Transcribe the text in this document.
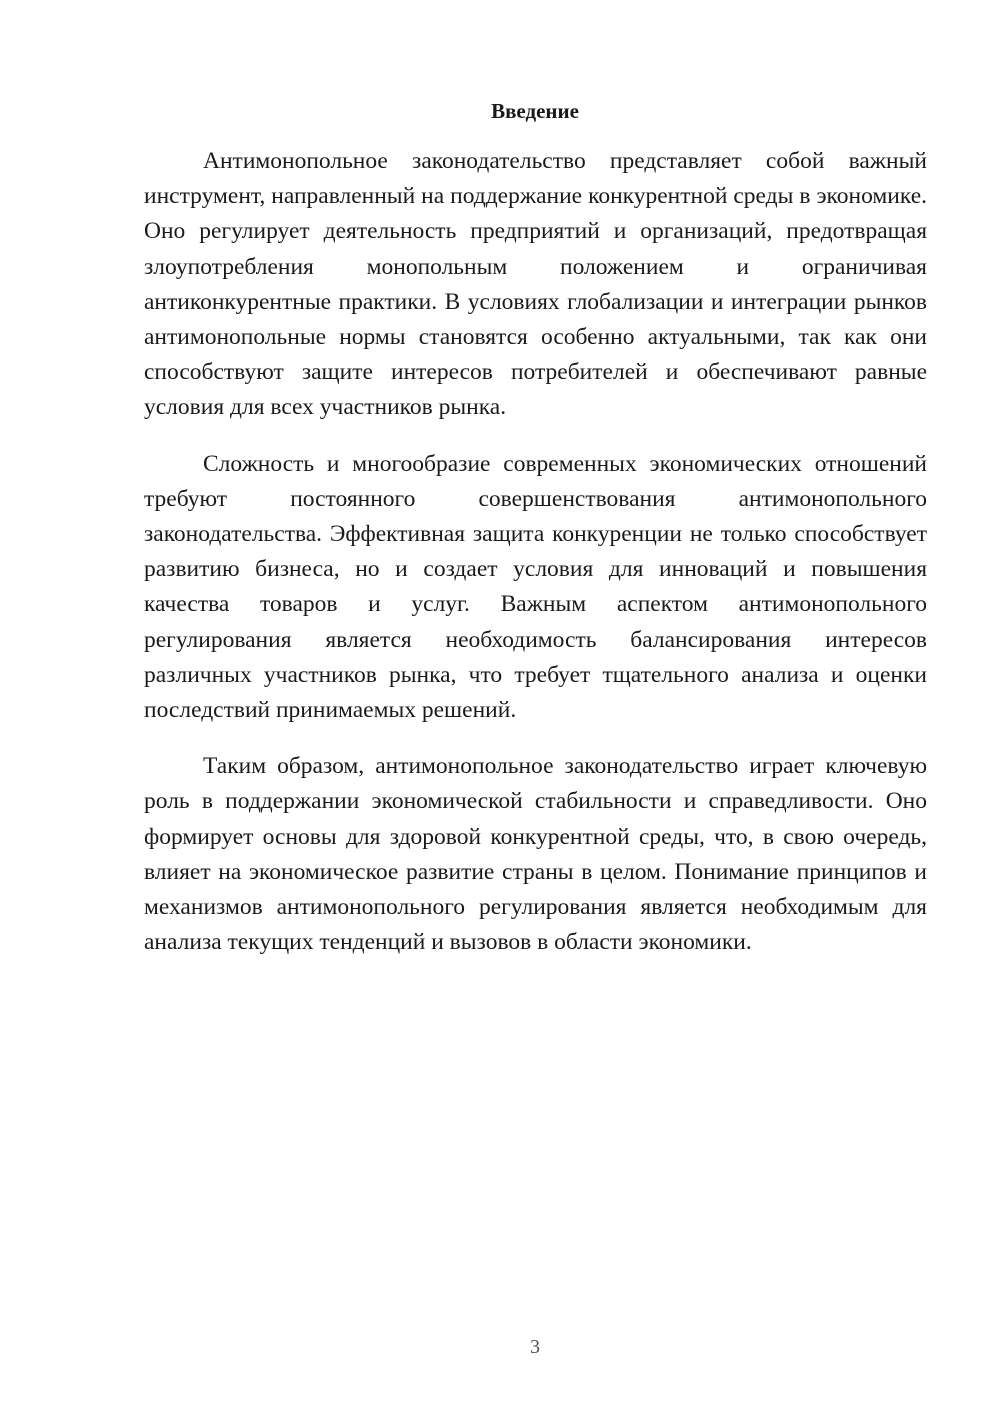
Введение

Антимонопольное законодательство представляет собой важный инструмент, направленный на поддержание конкурентной среды в экономике. Оно регулирует деятельность предприятий и организаций, предотвращая злоупотребления монопольным положением и ограничивая антиконкурентные практики. В условиях глобализации и интеграции рынков антимонопольные нормы становятся особенно актуальными, так как они способствуют защите интересов потребителей и обеспечивают равные условия для всех участников рынка.

Сложность и многообразие современных экономических отношений требуют постоянного совершенствования антимонопольного законодательства. Эффективная защита конкуренции не только способствует развитию бизнеса, но и создает условия для инноваций и повышения качества товаров и услуг. Важным аспектом антимонопольного регулирования является необходимость балансирования интересов различных участников рынка, что требует тщательного анализа и оценки последствий принимаемых решений.

Таким образом, антимонопольное законодательство играет ключевую роль в поддержании экономической стабильности и справедливости. Оно формирует основы для здоровой конкурентной среды, что, в свою очередь, влияет на экономическое развитие страны в целом. Понимание принципов и механизмов антимонопольного регулирования является необходимым для анализа текущих тенденций и вызовов в области экономики.

3
